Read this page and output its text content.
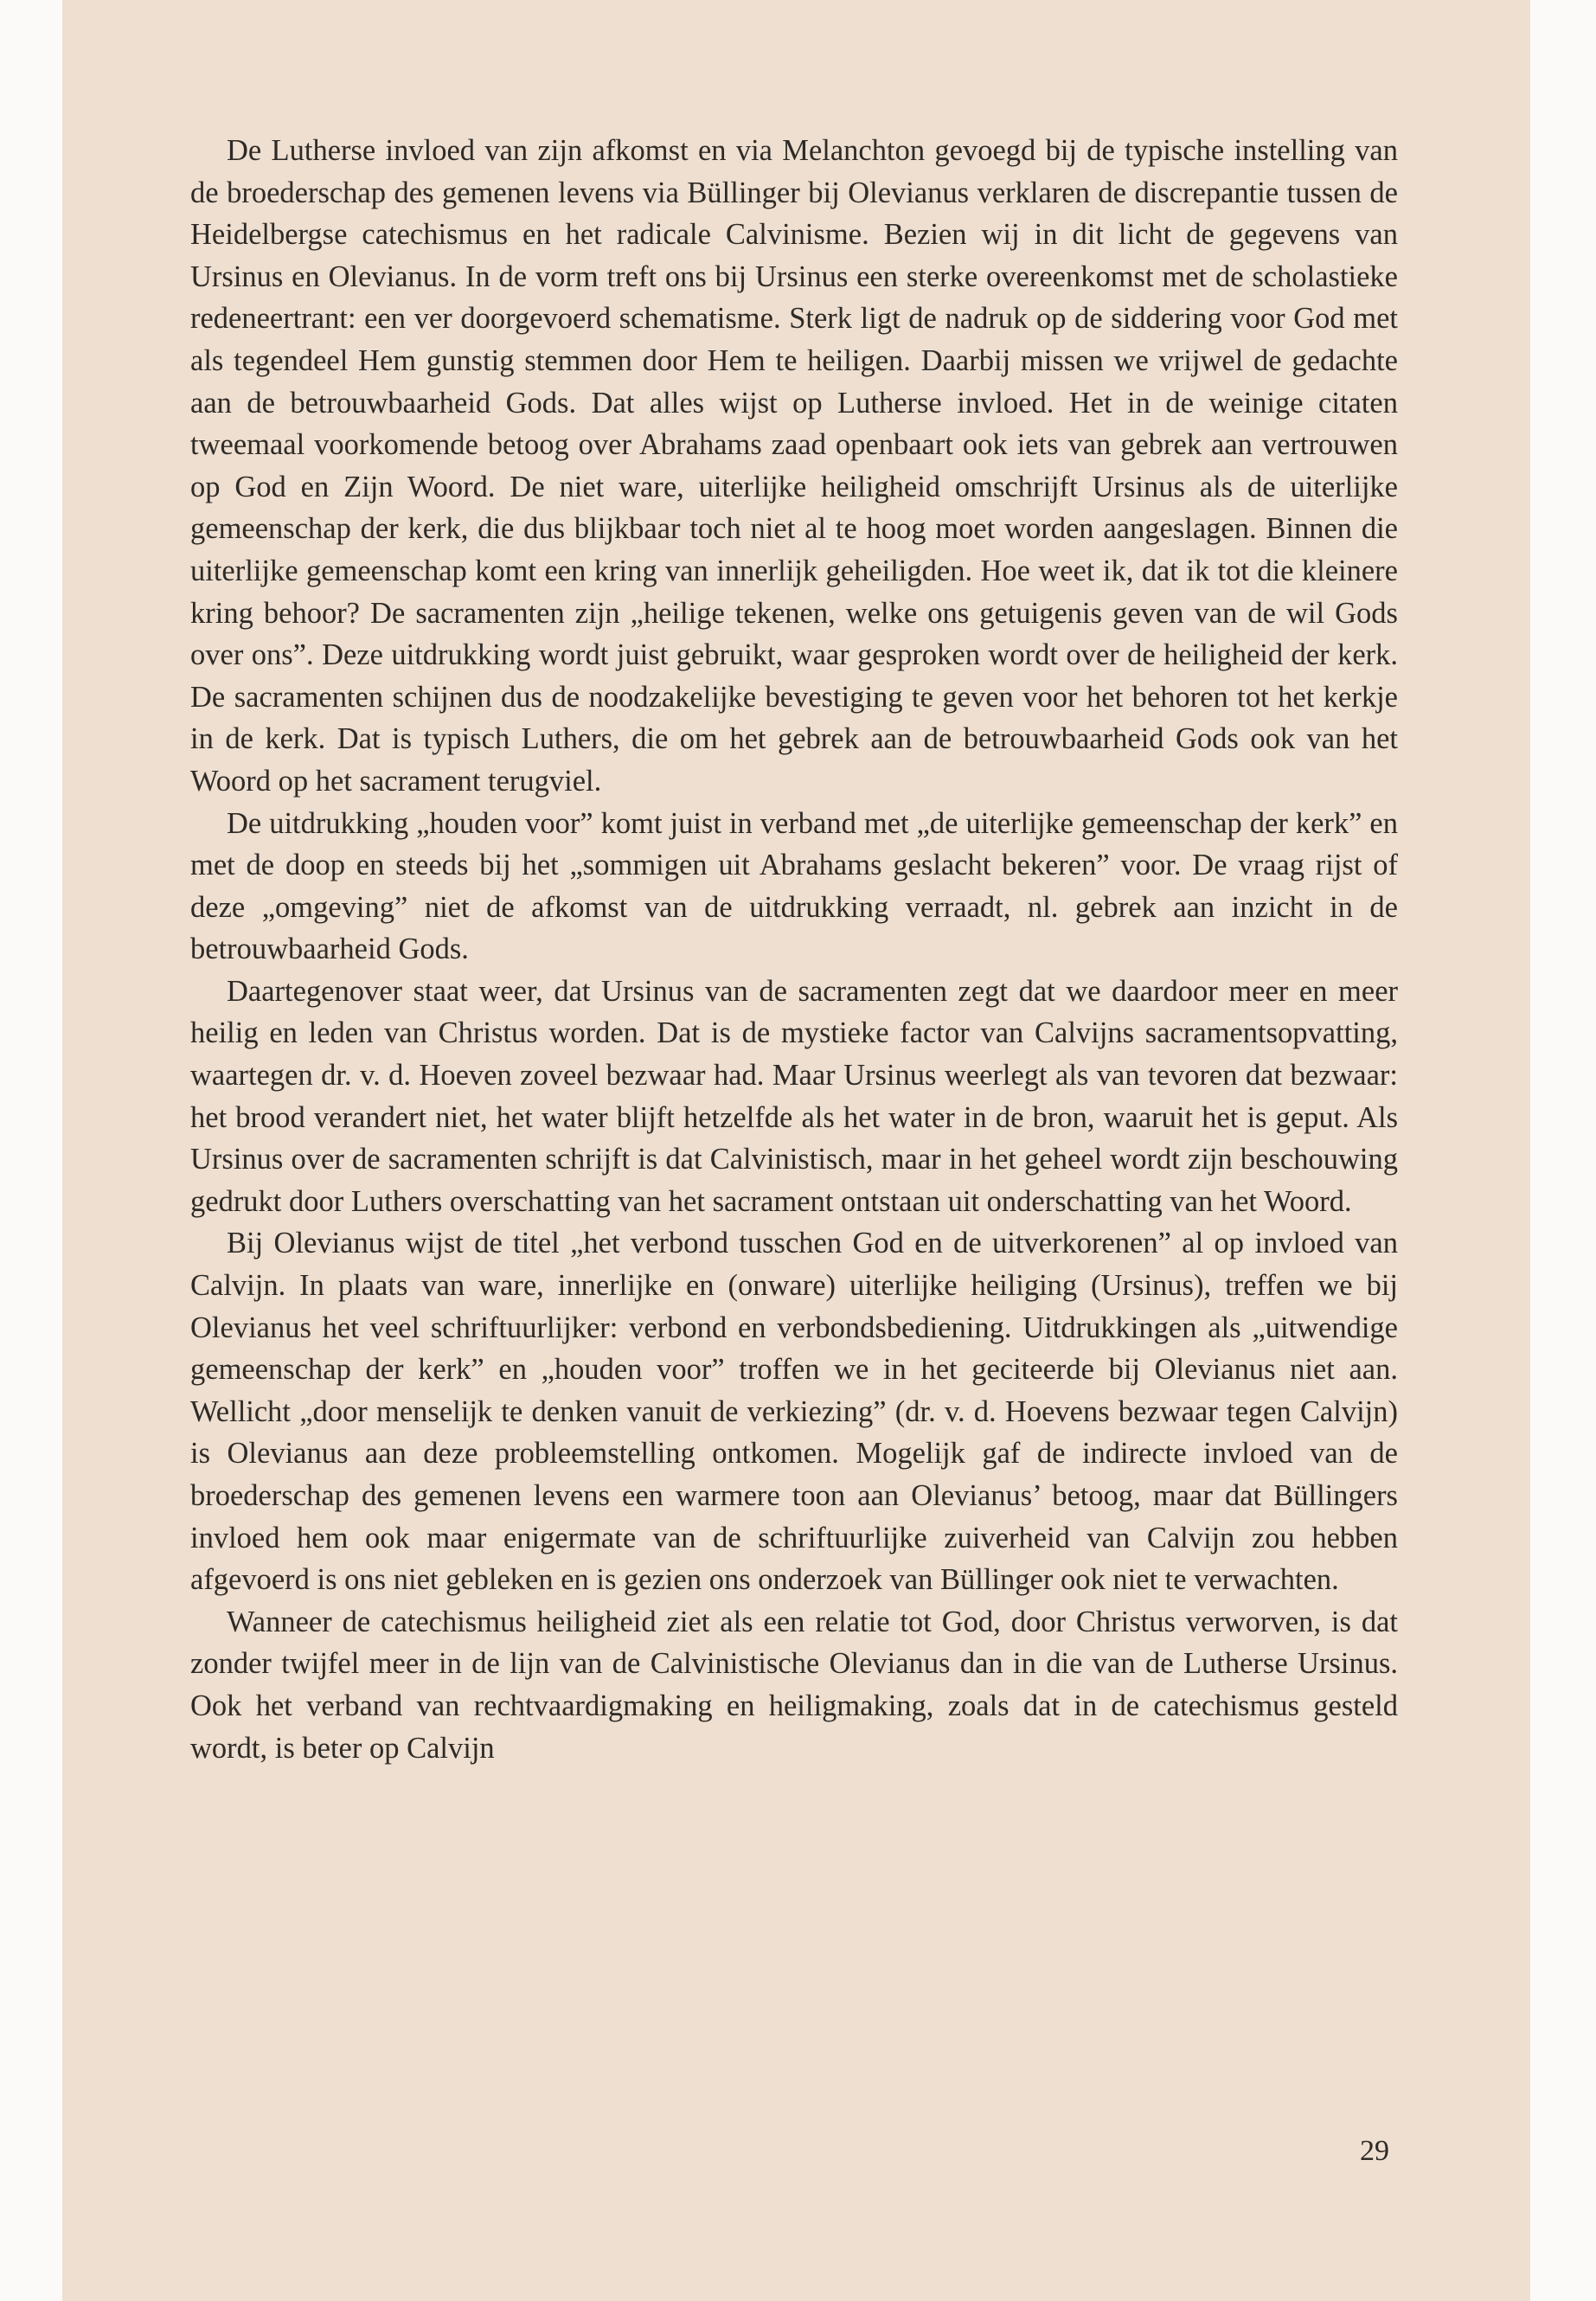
De Lutherse invloed van zijn afkomst en via Melanchton gevoegd bij de typische instelling van de broederschap des gemenen levens via Büllinger bij Olevianus verklaren de discrepantie tussen de Heidelbergse catechismus en het radicale Calvinisme. Bezien wij in dit licht de gegevens van Ursinus en Olevianus. In de vorm treft ons bij Ursinus een sterke overeenkomst met de scholastieke redeneertrant: een ver doorgevoerd schematisme. Sterk ligt de nadruk op de siddering voor God met als tegendeel Hem gunstig stemmen door Hem te heiligen. Daarbij missen we vrijwel de gedachte aan de betrouwbaarheid Gods. Dat alles wijst op Lutherse invloed. Het in de weinige citaten tweemaal voorkomende betoog over Abrahams zaad openbaart ook iets van gebrek aan vertrouwen op God en Zijn Woord. De niet ware, uiterlijke heiligheid omschrijft Ursinus als de uiterlijke gemeenschap der kerk, die dus blijkbaar toch niet al te hoog moet worden aangeslagen. Binnen die uiterlijke gemeenschap komt een kring van innerlijk geheiligden. Hoe weet ik, dat ik tot die kleinere kring behoor? De sacramenten zijn „heilige tekenen, welke ons getuigenis geven van de wil Gods over ons”. Deze uitdrukking wordt juist gebruikt, waar gesproken wordt over de heiligheid der kerk. De sacramenten schijnen dus de noodzakelijke bevestiging te geven voor het behoren tot het kerkje in de kerk. Dat is typisch Luthers, die om het gebrek aan de betrouwbaarheid Gods ook van het Woord op het sacrament terugviel.

De uitdrukking „houden voor” komt juist in verband met „de uiterlijke gemeenschap der kerk” en met de doop en steeds bij het „sommigen uit Abrahams geslacht bekeren” voor. De vraag rijst of deze „omgeving” niet de afkomst van de uitdrukking verraadt, nl. gebrek aan inzicht in de betrouwbaarheid Gods.

Daartegenover staat weer, dat Ursinus van de sacramenten zegt dat we daardoor meer en meer heilig en leden van Christus worden. Dat is de mystieke factor van Calvijns sacramentsopvatting, waartegen dr. v. d. Hoeven zoveel bezwaar had. Maar Ursinus weerlegt als van tevoren dat bezwaar: het brood verandert niet, het water blijft hetzelfde als het water in de bron, waaruit het is geput. Als Ursinus over de sacramenten schrijft is dat Calvinistisch, maar in het geheel wordt zijn beschouwing gedrukt door Luthers overschatting van het sacrament ontstaan uit onderschatting van het Woord.

Bij Olevianus wijst de titel „het verbond tusschen God en de uitverkorenen” al op invloed van Calvijn. In plaats van ware, innerlijke en (onware) uiterlijke heiliging (Ursinus), treffen we bij Olevianus het veel schriftuurlijker: verbond en verbondsbediening. Uitdrukkingen als „uitwendige gemeenschap der kerk” en „houden voor” troffen we in het geciteerde bij Olevianus niet aan. Wellicht „door menselijk te denken vanuit de verkiezing” (dr. v. d. Hoevens bezwaar tegen Calvijn) is Olevianus aan deze probleemstelling ontkomen. Mogelijk gaf de indirecte invloed van de broederschap des gemenen levens een warmere toon aan Olevianus’ betoog, maar dat Büllingers invloed hem ook maar enigermate van de schriftuurlijke zuiverheid van Calvijn zou hebben afgevoerd is ons niet gebleken en is gezien ons onderzoek van Büllinger ook niet te verwachten.

Wanneer de catechismus heiligheid ziet als een relatie tot God, door Christus verworven, is dat zonder twijfel meer in de lijn van de Calvinistische Olevianus dan in die van de Lutherse Ursinus. Ook het verband van rechtvaardigmaking en heiligmaking, zoals dat in de catechismus gesteld wordt, is beter op Calvijn

29
